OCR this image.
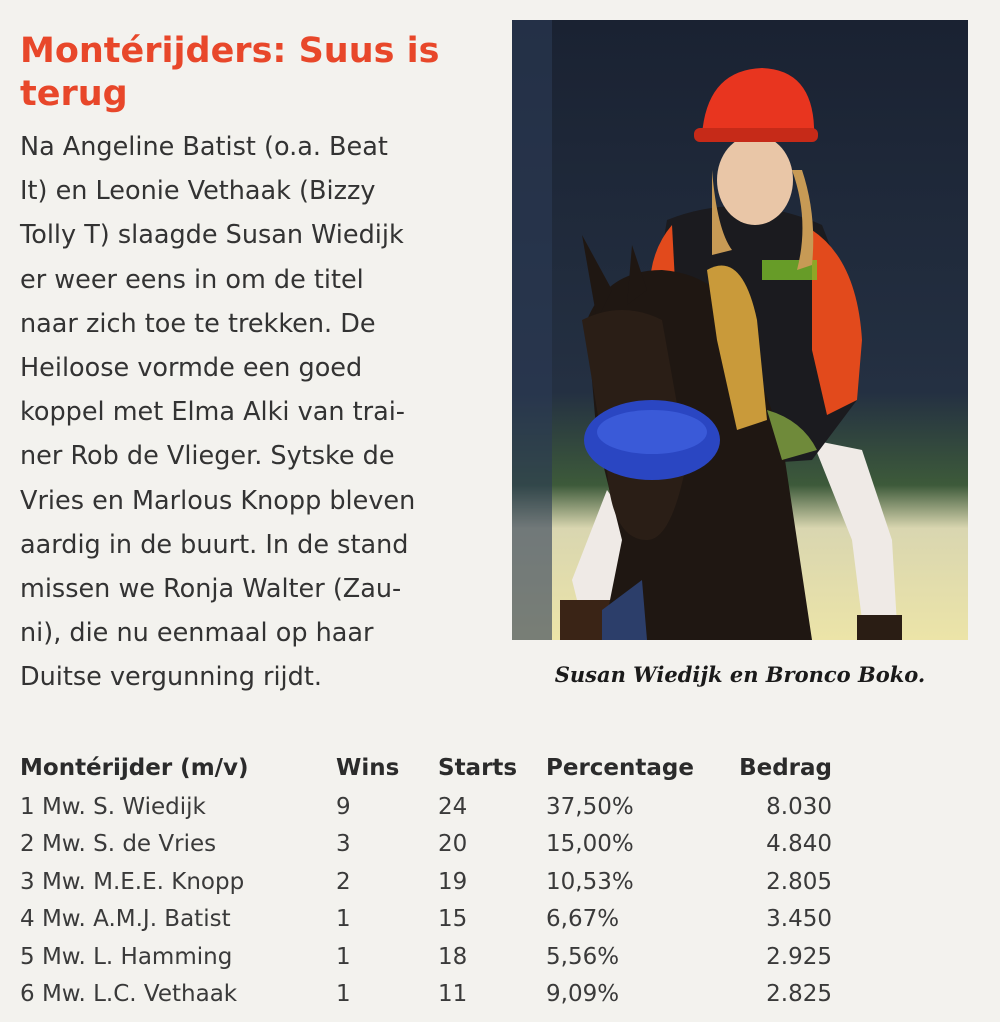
Montérijders: Suus is terug
Na Angeline Batist (o.a. Beat
It) en Leonie Vethaak (Bizzy
Tolly T) slaagde Susan Wiedijk
er weer eens in om de titel
naar zich toe te trekken. De
Heiloose vormde een goed
koppel met Elma Alki van trai-
ner Rob de Vlieger. Sytske de
Vries en Marlous Knopp bleven
aardig in de buurt. In de stand
missen we Ronja Walter (Zau-
ni), die nu eenmaal op haar
Duitse vergunning rijdt.	Susan Wiedijk en Bronco Boko.
Montérijder (m/v)	Wins	Starts	Percentage	Bedrag
1 Mw. S. Wiedijk	9	24	37,50%	8.030
2 Mw. S. de Vries	3	20	15,00%	4.840
3 Mw. M.E.E. Knopp	2	19	10,53%	2.805
4 Mw. A.M.J. Batist	1	15	6,67%	3.450
5 Mw. L. Hamming	1	18	5,56%	2.925
6 Mw. L.C. Vethaak	1	11	9,09%	2.825
